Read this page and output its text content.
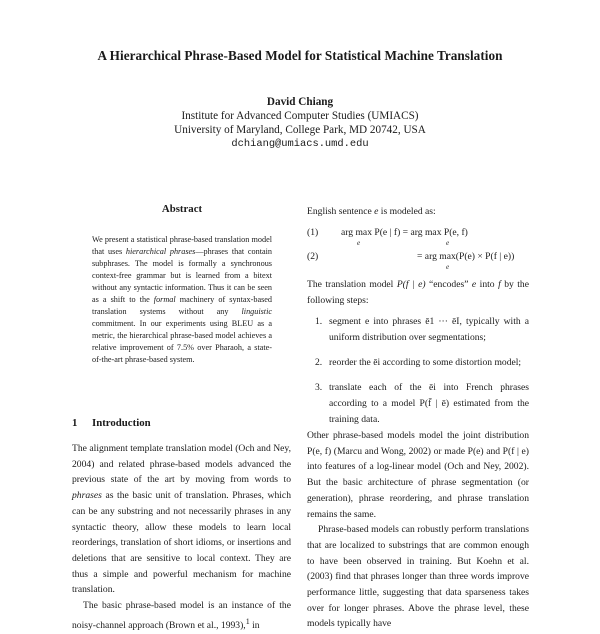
A Hierarchical Phrase-Based Model for Statistical Machine Translation
David Chiang
Institute for Advanced Computer Studies (UMIACS)
University of Maryland, College Park, MD 20742, USA
dchiang@umiacs.umd.edu
Abstract
We present a statistical phrase-based translation model that uses hierarchical phrases—phrases that contain subphrases. The model is formally a synchronous context-free grammar but is learned from a bitext without any syntactic information. Thus it can be seen as a shift to the formal machinery of syntax-based translation systems without any linguistic commitment. In our experiments using BLEU as a metric, the hierarchical phrase-based model achieves a relative improvement of 7.5% over Pharaoh, a state-of-the-art phrase-based system.
1 Introduction

The alignment template translation model (Och and Ney, 2004) and related phrase-based models advanced the previous state of the art by moving from words to phrases as the basic unit of translation. Phrases, which can be any substring and not necessarily phrases in any syntactic theory, allow these models to learn local reorderings, translation of short idioms, or insertions and deletions that are sensitive to local context. They are thus a simple and powerful mechanism for machine translation.

The basic phrase-based model is an instance of the noisy-channel approach (Brown et al., 1993),$^1$ in

English sentence e is modeled as:
(1) arg max P(e | f) = arg max P(e, f)
e	e
(2)	= arg max(P(e) × P(f | e))
e
The translation model P(f | e) “encodes” e into f by the following steps:
1. segment e into phrases ē1 ··· ēI, typically with a uniform distribution over segmentations;
2. reorder the ēi according to some distortion model;
3. translate each of the ēi into French phrases according to a model P(f̄ | ē) estimated from the training data.

Other phrase-based models model the joint distribution P(e, f) (Marcu and Wong, 2002) or made P(e) and P(f | e) into features of a log-linear model (Och and Ney, 2002). But the basic architecture of phrase segmentation (or generation), phrase reordering, and phrase translation remains the same.

Phrase-based models can robustly perform translations that are localized to substrings that are common enough to have been observed in training. But Koehn et al. (2003) find that phrases longer than three words improve performance little, suggesting that data sparseness takes over for longer phrases. Above the phrase level, these models typically have
